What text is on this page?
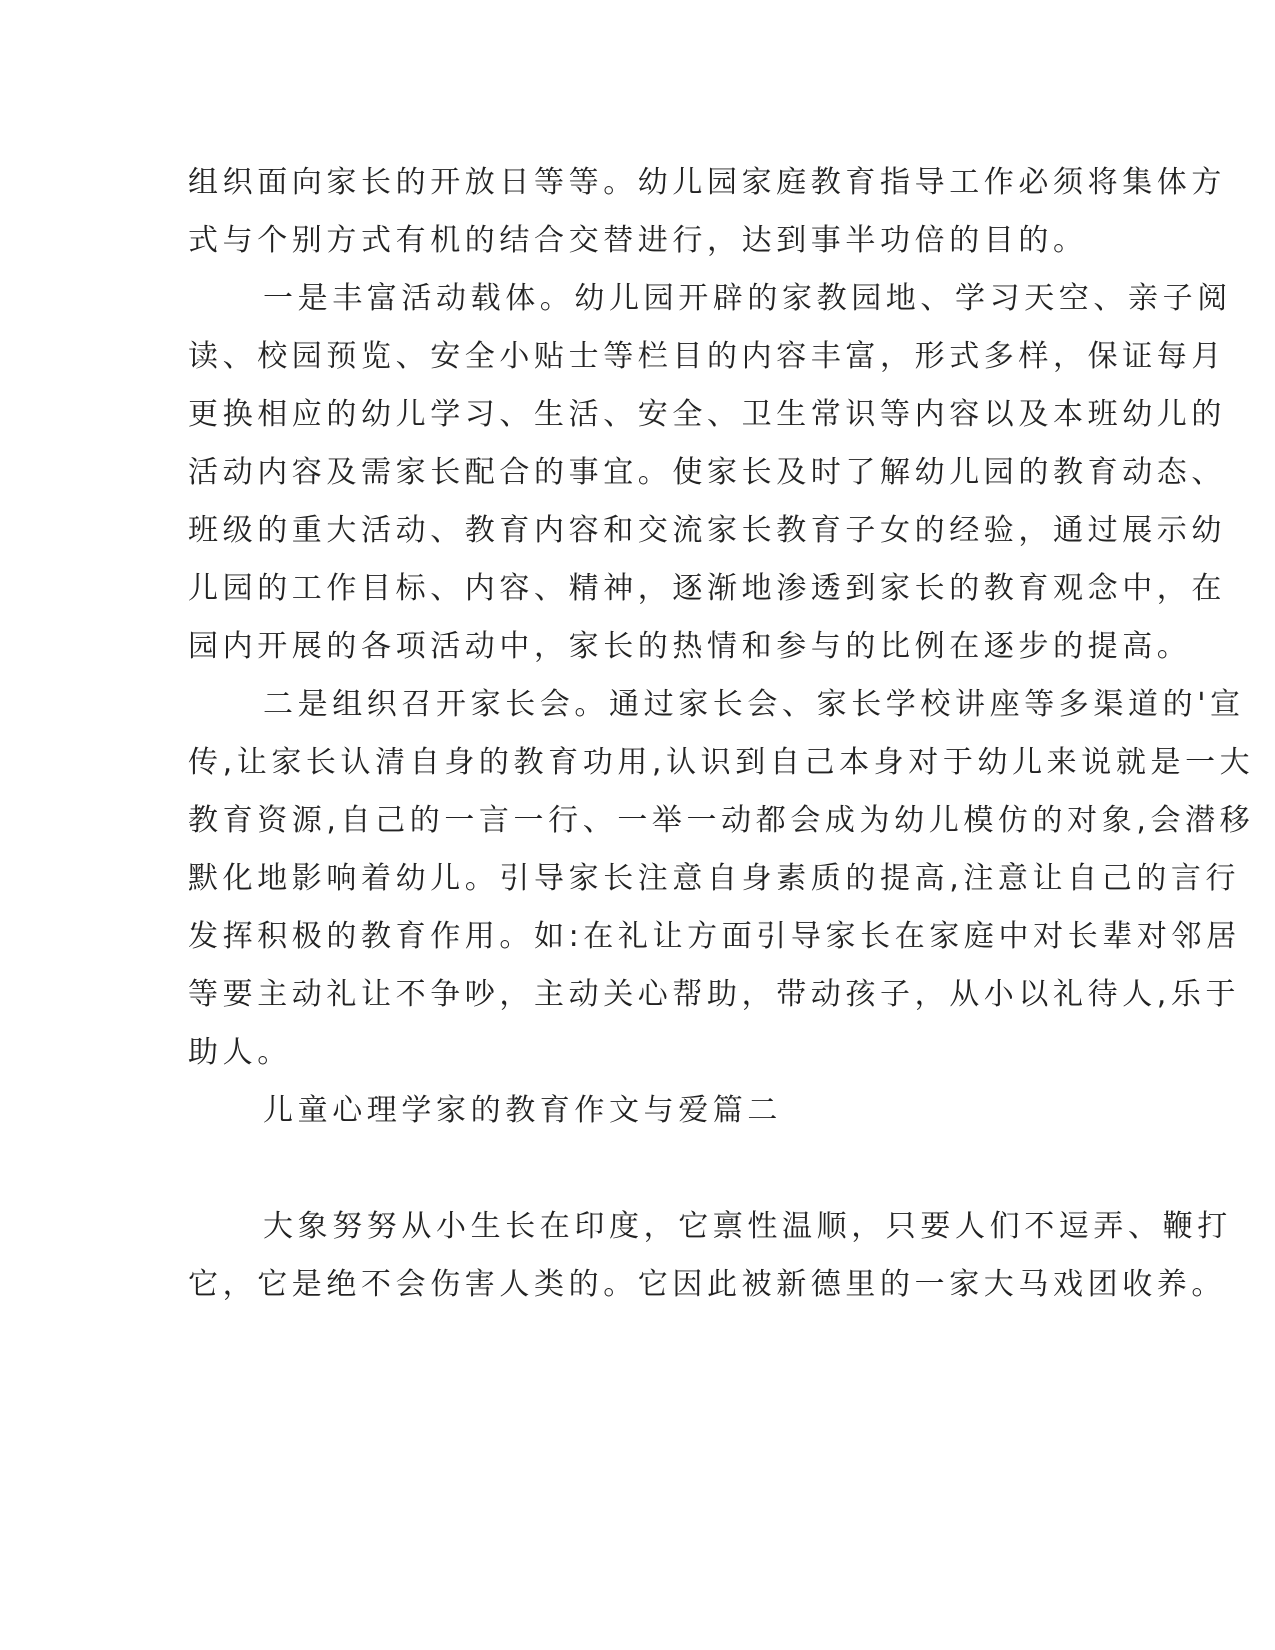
组织面向家长的开放日等等。幼儿园家庭教育指导工作必须将集体方
式与个别方式有机的结合交替进行，达到事半功倍的目的。
一是丰富活动载体。幼儿园开辟的家教园地、学习天空、亲子阅
读、校园预览、安全小贴士等栏目的内容丰富，形式多样，保证每月
更换相应的幼儿学习、生活、安全、卫生常识等内容以及本班幼儿的
活动内容及需家长配合的事宜。使家长及时了解幼儿园的教育动态、
班级的重大活动、教育内容和交流家长教育子女的经验，通过展示幼
儿园的工作目标、内容、精神，逐渐地渗透到家长的教育观念中，在
园内开展的各项活动中，家长的热情和参与的比例在逐步的提高。
二是组织召开家长会。通过家长会、家长学校讲座等多渠道的'宣
传,让家长认清自身的教育功用,认识到自己本身对于幼儿来说就是一大
教育资源,自己的一言一行、一举一动都会成为幼儿模仿的对象,会潜移
默化地影响着幼儿。引导家长注意自身素质的提高,注意让自己的言行
发挥积极的教育作用。如:在礼让方面引导家长在家庭中对长辈对邻居
等要主动礼让不争吵，主动关心帮助，带动孩子，从小以礼待人,乐于
助人。
儿童心理学家的教育作文与爱篇二
大象努努从小生长在印度，它禀性温顺，只要人们不逗弄、鞭打
它，它是绝不会伤害人类的。它因此被新德里的一家大马戏团收养。
